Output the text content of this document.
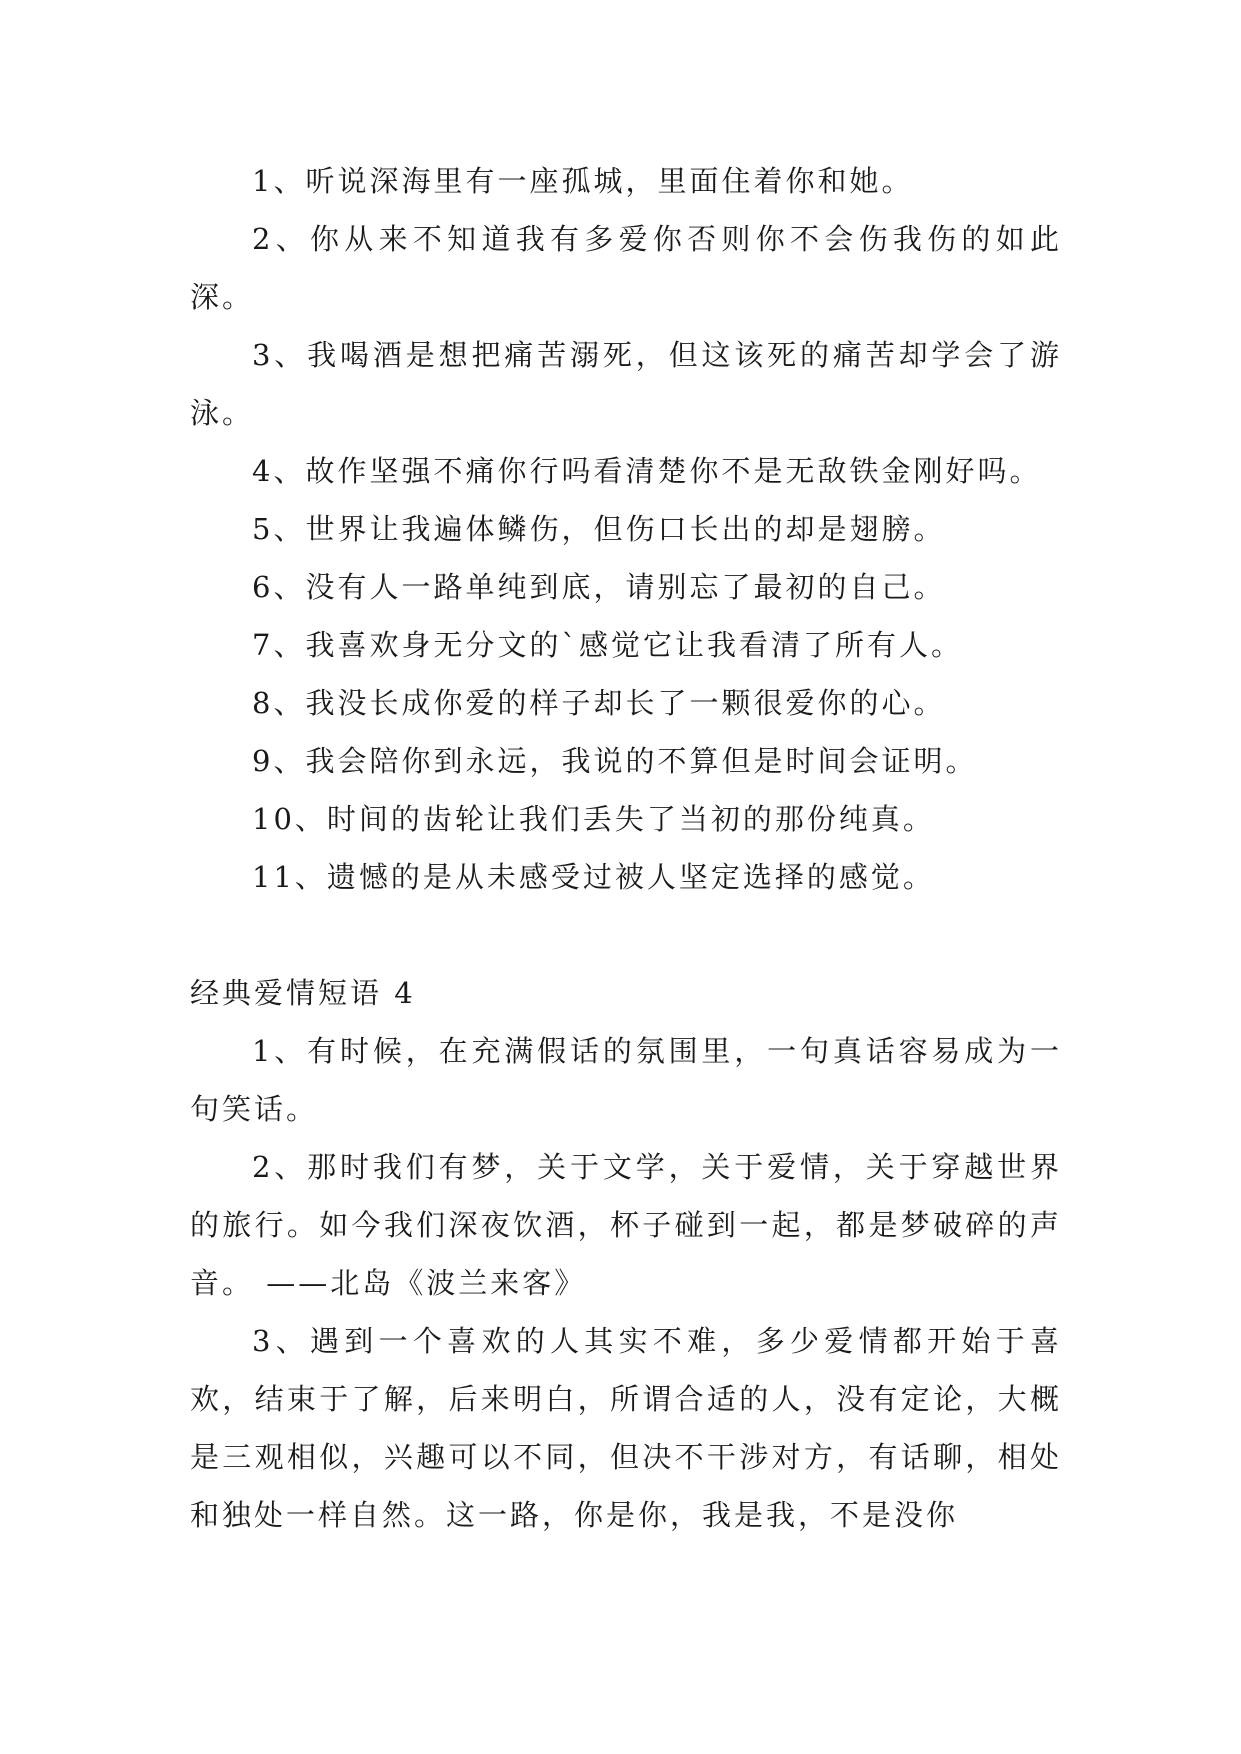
1、听说深海里有一座孤城，里面住着你和她。

2、你从来不知道我有多爱你否则你不会伤我伤的如此深。

3、我喝酒是想把痛苦溺死，但这该死的痛苦却学会了游泳。

4、故作坚强不痛你行吗看清楚你不是无敌铁金刚好吗。

5、世界让我遍体鳞伤，但伤口长出的却是翅膀。

6、没有人一路单纯到底，请别忘了最初的自己。

7、我喜欢身无分文的`感觉它让我看清了所有人。

8、我没长成你爱的样子却长了一颗很爱你的心。

9、我会陪你到永远，我说的不算但是时间会证明。

10、时间的齿轮让我们丢失了当初的那份纯真。

11、遗憾的是从未感受过被人坚定选择的感觉。

经典爱情短语 4

1、有时候，在充满假话的氛围里，一句真话容易成为一句笑话。

2、那时我们有梦，关于文学，关于爱情，关于穿越世界的旅行。如今我们深夜饮酒，杯子碰到一起，都是梦破碎的声音。 ——北岛《波兰来客》

3、遇到一个喜欢的人其实不难，多少爱情都开始于喜欢，结束于了解，后来明白，所谓合适的人，没有定论，大概是三观相似，兴趣可以不同，但决不干涉对方，有话聊，相处和独处一样自然。这一路，你是你，我是我，不是没你
